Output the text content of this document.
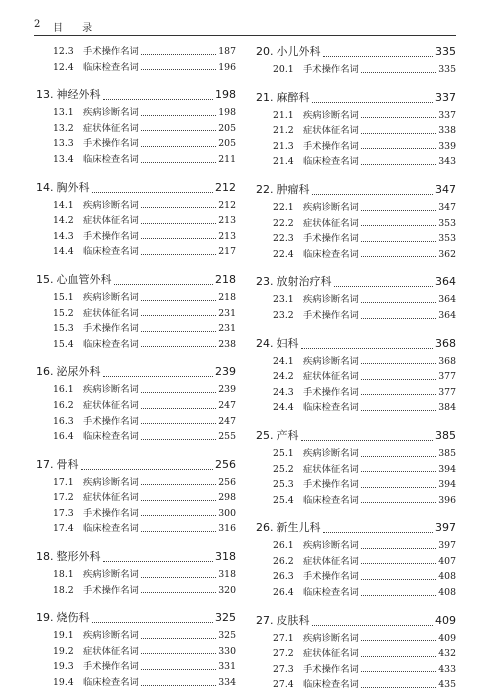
2 目 录
12.3 手术操作名词	187
12.4 临床检查名词	196
13. 神经外科	198
13.1 疾病诊断名词	198
13.2 症状体征名词	205
13.3 手术操作名词	205
13.4 临床检查名词	211
14. 胸外科	212
14.1 疾病诊断名词	212
14.2 症状体征名词	213
14.3 手术操作名词	213
14.4 临床检查名词	217
15. 心血管外科	218
15.1 疾病诊断名词	218
15.2 症状体征名词	231
15.3 手术操作名词	231
15.4 临床检查名词	238
16. 泌尿外科	239
16.1 疾病诊断名词	239
16.2 症状体征名词	247
16.3 手术操作名词	247
16.4 临床检查名词	255
17. 骨科	256
17.1 疾病诊断名词	256
17.2 症状体征名词	298
17.3 手术操作名词	300
17.4 临床检查名词	316
18. 整形外科	318
18.1 疾病诊断名词	318
18.2 手术操作名词	320
19. 烧伤科	325
19.1 疾病诊断名词	325
19.2 症状体征名词	330
19.3 手术操作名词	331
19.4 临床检查名词	334
20. 小儿外科	335
20.1 手术操作名词	335
21. 麻醉科	337
21.1 疾病诊断名词	337
21.2 症状体征名词	338
21.3 手术操作名词	339
21.4 临床检查名词	343
22. 肿瘤科	347
22.1 疾病诊断名词	347
22.2 症状体征名词	353
22.3 手术操作名词	353
22.4 临床检查名词	362
23. 放射治疗科	364
23.1 疾病诊断名词	364
23.2 手术操作名词	364
24. 妇科	368
24.1 疾病诊断名词	368
24.2 症状体征名词	377
24.3 手术操作名词	377
24.4 临床检查名词	384
25. 产科	385
25.1 疾病诊断名词	385
25.2 症状体征名词	394
25.3 手术操作名词	394
25.4 临床检查名词	396
26. 新生儿科	397
26.1 疾病诊断名词	397
26.2 症状体征名词	407
26.3 手术操作名词	408
26.4 临床检查名词	408
27. 皮肤科	409
27.1 疾病诊断名词	409
27.2 症状体征名词	432
27.3 手术操作名词	433
27.4 临床检查名词	435
